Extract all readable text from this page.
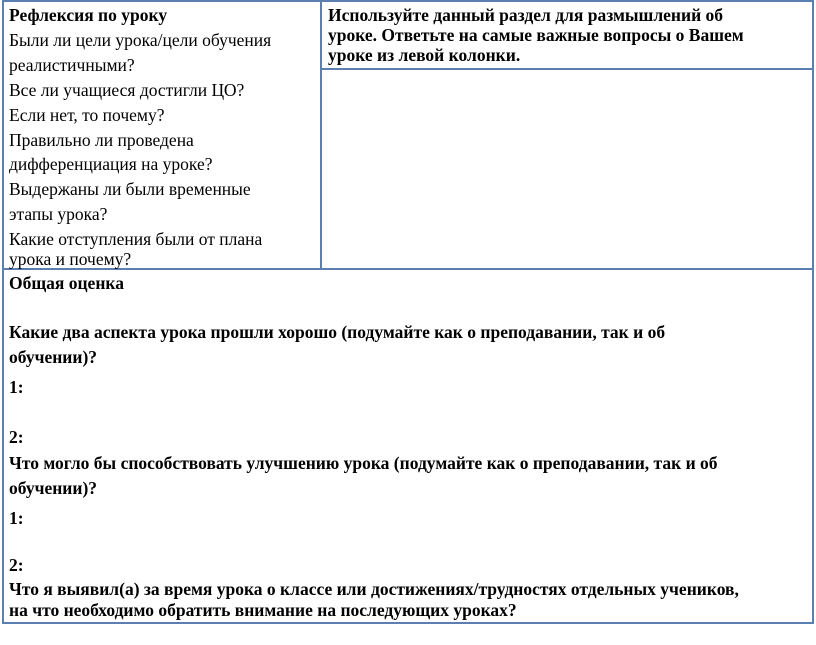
Рефлексия по уроку
Были ли цели урока/цели обучения
реалистичными?
Все ли учащиеся достигли ЦО?
Если нет, то почему?
Правильно ли проведена
дифференциация на уроке?
Выдержаны ли были временные
этапы урока?
Какие отступления были от плана
урока и почему?
Используйте данный раздел для размышлений об
уроке. Ответьте на самые важные вопросы о Вашем
уроке из левой колонки.
Общая оценка
Какие два аспекта урока прошли хорошо (подумайте как о преподавании, так и об
обучении)?
1:
2:
Что могло бы способствовать улучшению урока (подумайте как о преподавании, так и об
обучении)?
1:
2:
Что я выявил(а) за время урока о классе или достижениях/трудностях отдельных учеников,
на что необходимо обратить внимание на последующих уроках?
